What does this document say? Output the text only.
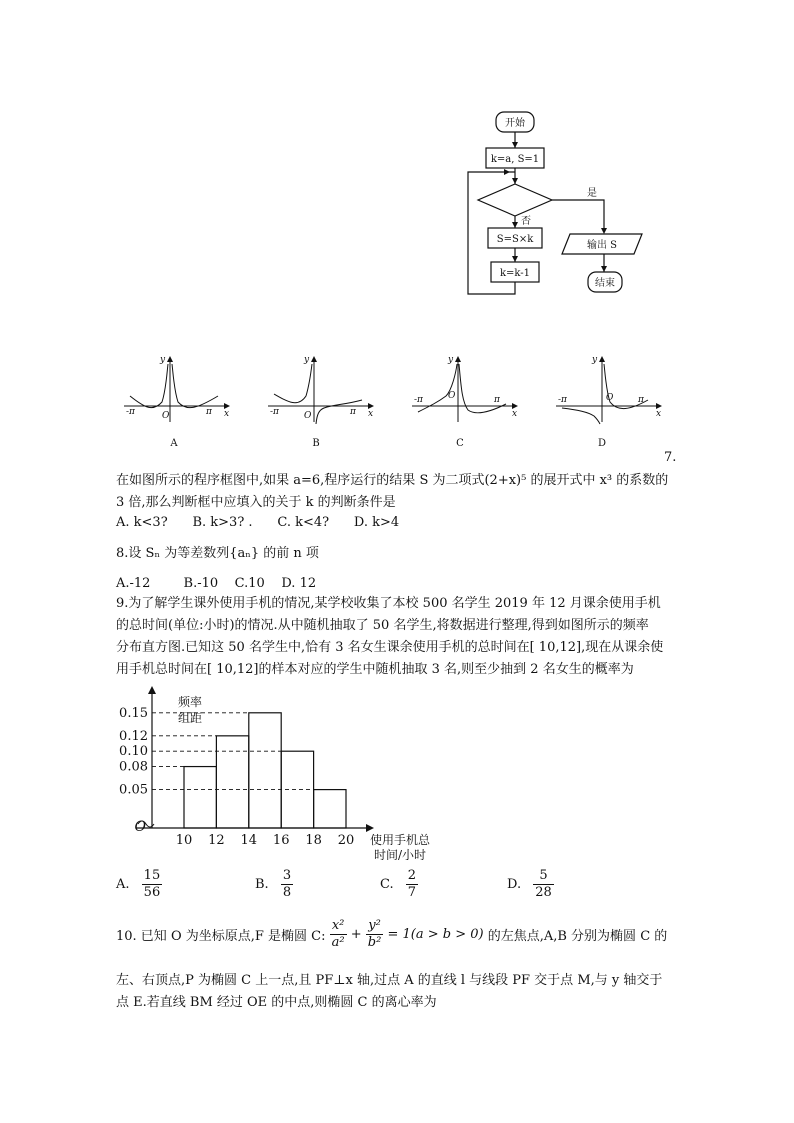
开始
k=a, S=1
是
否
S=S×k
k=k-1
输出 S
结束
y
x
O
-π	π
y
x
O
-π	π
y
x
O
-π	π
y
x
O
-π	π
A	B	C	D
7.
在如图所示的程序框图中,如果 a=6,程序运行的结果 S 为二项式(2+x)⁵ 的展开式中 x³ 的系数的
3 倍,那么判断框中应填入的关于 k 的判断条件是
A. k<3?      B. k>3? .      C. k<4?      D. k>4
8.设 Sₙ 为等差数列{aₙ} 的前 n 项
A.-12        B.-10    C.10    D. 12
9.为了解学生课外使用手机的情况,某学校收集了本校 500 名学生 2019 年 12 月课余使用手机
的总时间(单位:小时)的情况.从中随机抽取了 50 名学生,将数据进行整理,得到如图所示的频率
分布直方图.已知这 50 名学生中,恰有 3 名女生课余使用手机的总时间在[ 10,12],现在从课余使
用手机总时间在[ 10,12]的样本对应的学生中随机抽取 3 名,则至少抽到 2 名女生的概率为
O
频率
组距
使用手机总
时间/小时
10 12 14 16 18 20
0.05
0.08
0.10
0.12
0.15
A. $\frac{15}{56}$	B. $\frac{3}{8}$	C. $\frac{2}{7}$	D. $\frac{5}{28}$
10. 已知 O 为坐标原点,F 是椭圆 C: $\frac{\text{x²}}{\text{a²}} + \frac{\text{y²}}{\text{b²}} = 1(a > b > 0)$ 的左焦点,A,B 分别为椭圆 C 的
左、右顶点,P 为椭圆 C 上一点,且 PF⊥x 轴,过点 A 的直线 l 与线段 PF 交于点 M,与 y 轴交于
点 E.若直线 BM 经过 OE 的中点,则椭圆 C 的离心率为
